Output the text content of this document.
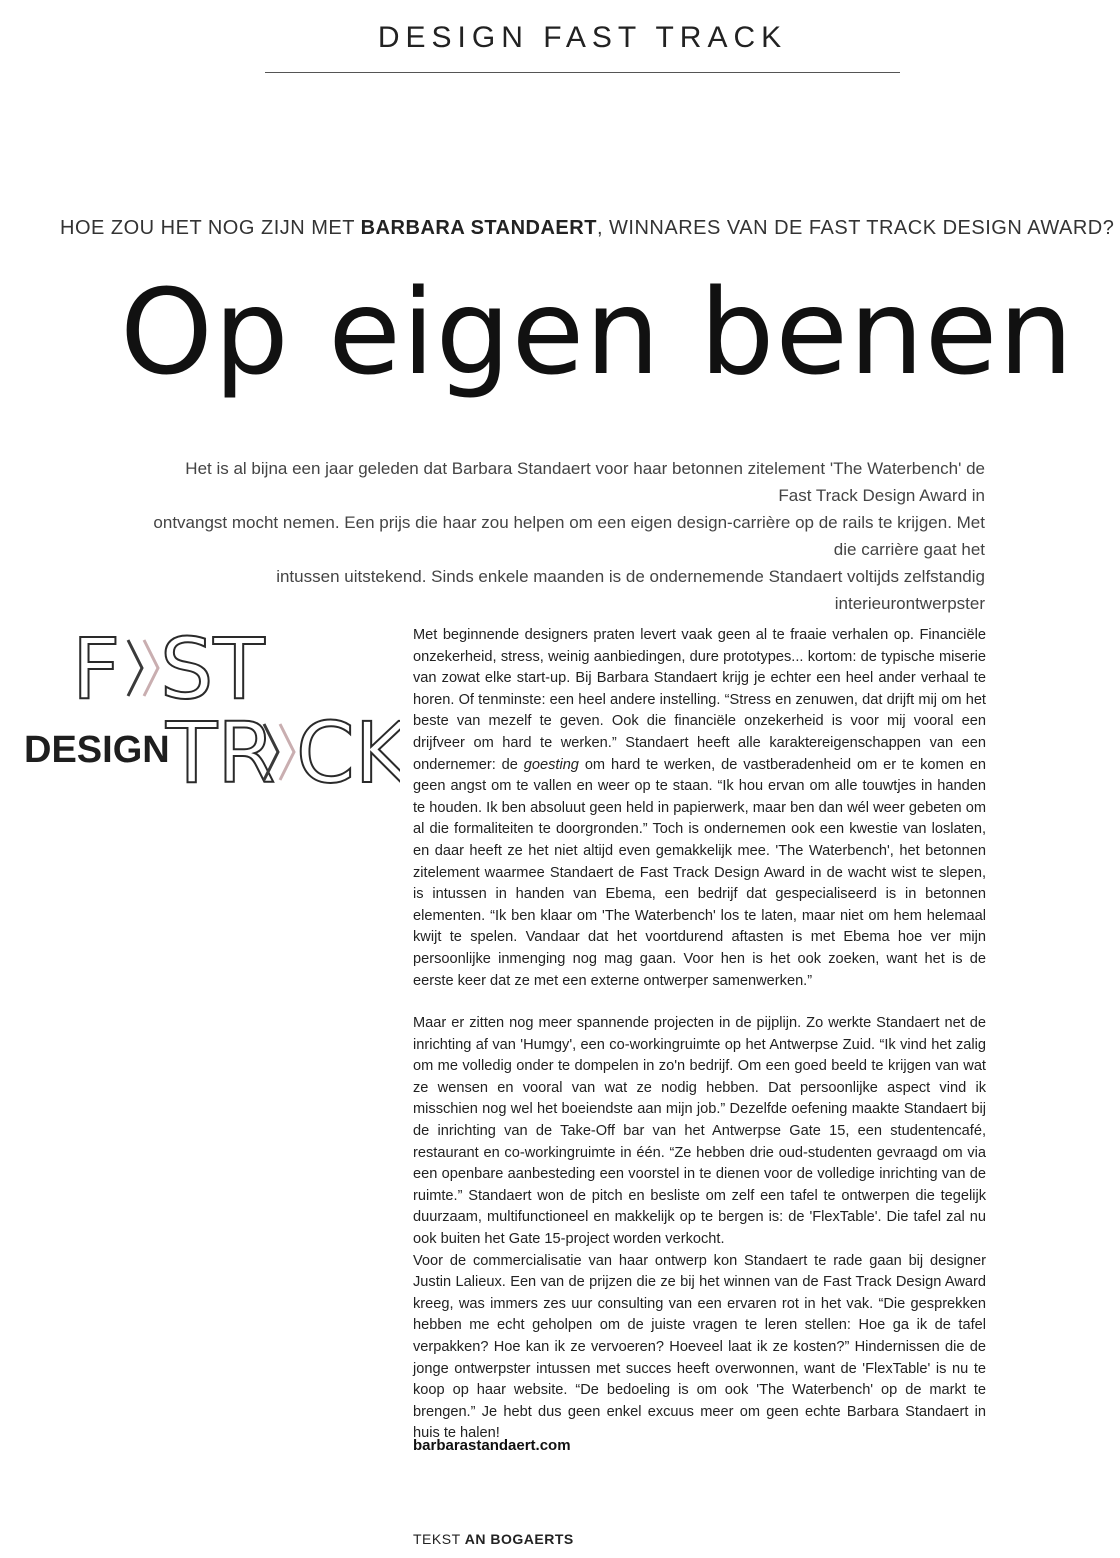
DESIGN FAST TRACK
HOE ZOU HET NOG ZIJN MET BARBARA STANDAERT, WINNARES VAN DE FAST TRACK DESIGN AWARD?
Op eigen benen
Het is al bijna een jaar geleden dat Barbara Standaert voor haar betonnen zitelement 'The Waterbench' de Fast Track Design Award in
ontvangst mocht nemen. Een prijs die haar zou helpen om een eigen design-carrière op de rails te krijgen. Met die carrière gaat het
intussen uitstekend. Sinds enkele maanden is de ondernemende Standaert voltijds zelfstandig interieurontwerpster
F ST
DESIGN
TR CK

Met beginnende designers praten levert vaak geen al te fraaie verhalen op. Financiële onzekerheid, stress, weinig aanbiedingen, dure prototypes... kortom: de typische miserie van zowat elke start-up. Bij Barbara Standaert krijg je echter een heel ander verhaal te horen. Of tenminste: een heel andere instelling. “Stress en zenuwen, dat drijft mij om het beste van mezelf te geven. Ook die financiële onzekerheid is voor mij vooral een drijfveer om hard te werken.” Standaert heeft alle karaktereigenschappen van een ondernemer: de goesting om hard te werken, de vastberadenheid om er te komen en geen angst om te vallen en weer op te staan. “Ik hou ervan om alle touwtjes in handen te houden. Ik ben absoluut geen held in papierwerk, maar ben dan wél weer gebeten om al die formaliteiten te doorgronden.” Toch is ondernemen ook een kwestie van loslaten, en daar heeft ze het niet altijd even gemakkelijk mee. 'The Waterbench', het betonnen zitelement waarmee Standaert de Fast Track Design Award in de wacht wist te slepen, is intussen in handen van Ebema, een bedrijf dat gespecialiseerd is in betonnen elementen. “Ik ben klaar om 'The Waterbench' los te laten, maar niet om hem helemaal kwijt te spelen. Vandaar dat het voortdurend aftasten is met Ebema hoe ver mijn persoonlijke inmenging nog mag gaan. Voor hen is het ook zoeken, want het is de eerste keer dat ze met een externe ontwerper samenwerken.”

Maar er zitten nog meer spannende projecten in de pijplijn. Zo werkte Standaert net de inrichting af van 'Humgy', een co-workingruimte op het Antwerpse Zuid. “Ik vind het zalig om me volledig onder te dompelen in zo'n bedrijf. Om een goed beeld te krijgen van wat ze wensen en vooral van wat ze nodig hebben. Dat persoonlijke aspect vind ik misschien nog wel het boeiendste aan mijn job.” Dezelfde oefening maakte Standaert bij de inrichting van de Take-Off bar van het Antwerpse Gate 15, een studentencafé, restaurant en co-workingruimte in één. “Ze hebben drie oud-studenten gevraagd om via een openbare aanbesteding een voorstel in te dienen voor de volledige inrichting van de ruimte.” Standaert won de pitch en besliste om zelf een tafel te ontwerpen die tegelijk duurzaam, multifunctioneel en makkelijk op te bergen is: de 'FlexTable'. Die tafel zal nu ook buiten het Gate 15-project worden verkocht.

Voor de commercialisatie van haar ontwerp kon Standaert te rade gaan bij designer Justin Lalieux. Een van de prijzen die ze bij het winnen van de Fast Track Design Award kreeg, was immers zes uur consulting van een ervaren rot in het vak. “Die gesprekken hebben me echt geholpen om de juiste vragen te leren stellen: Hoe ga ik de tafel verpakken? Hoe kan ik ze vervoeren? Hoeveel laat ik ze kosten?” Hindernissen die de jonge ontwerpster intussen met succes heeft overwonnen, want de 'FlexTable' is nu te koop op haar website. “De bedoeling is om ook 'The Waterbench' op de markt te brengen.” Je hebt dus geen enkel excuus meer om geen echte Barbara Standaert in huis te halen!

barbarastandaert.com
TEKST AN BOGAERTS
